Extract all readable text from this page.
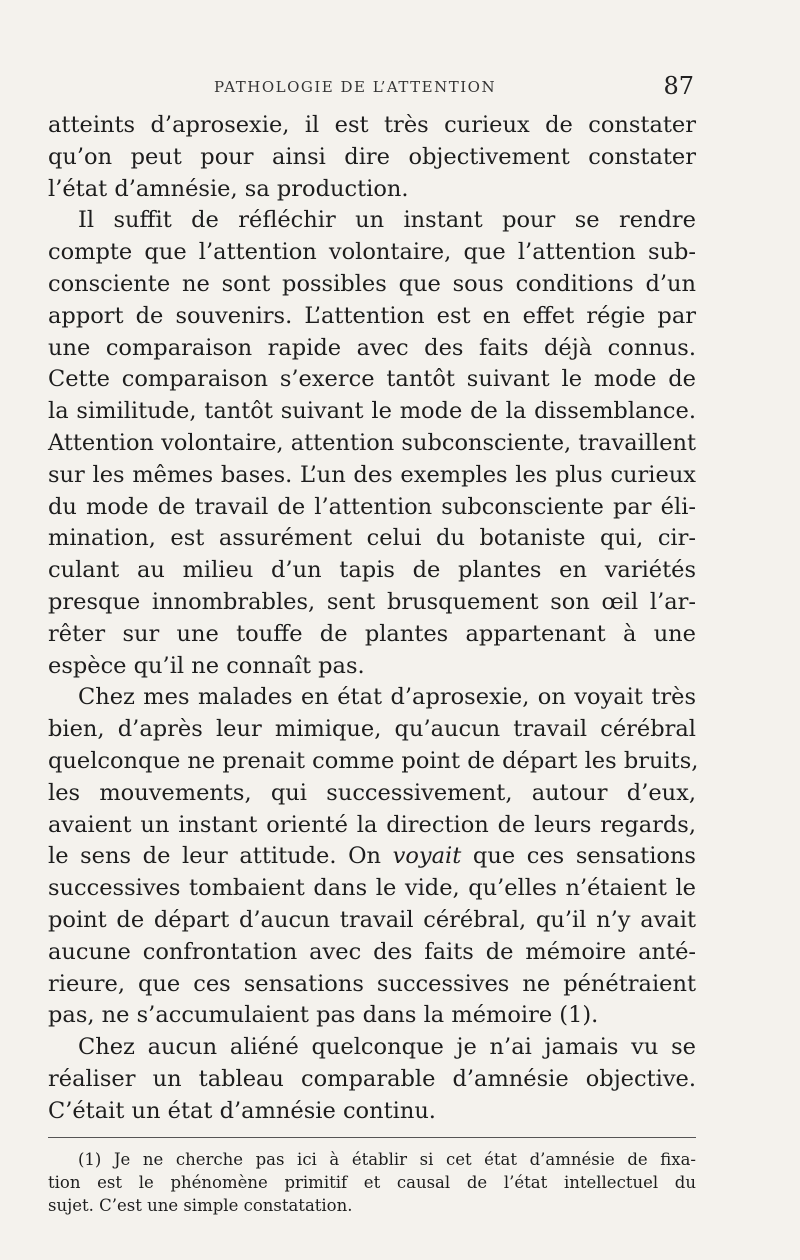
PATHOLOGIE DE L’ATTENTION	87
atteints d’aprosexie, il est très curieux de constater
qu’on peut pour ainsi dire objectivement constater
l’état d’amnésie, sa production.
Il suffit de réfléchir un instant pour se rendre
compte que l’attention volontaire, que l’attention sub-
consciente ne sont possibles que sous conditions d’un
apport de souvenirs. L’attention est en effet régie par
une comparaison rapide avec des faits déjà connus.
Cette comparaison s’exerce tantôt suivant le mode de
la similitude, tantôt suivant le mode de la dissemblance.
Attention volontaire, attention subconsciente, travaillent
sur les mêmes bases. L’un des exemples les plus curieux
du mode de travail de l’attention subconsciente par éli-
mination, est assurément celui du botaniste qui, cir-
culant au milieu d’un tapis de plantes en variétés
presque innombrables, sent brusquement son œil l’ar-
rêter sur une touffe de plantes appartenant à une
espèce qu’il ne connaît pas.
Chez mes malades en état d’aprosexie, on voyait très
bien, d’après leur mimique, qu’aucun travail cérébral
quelconque ne prenait comme point de départ les bruits,
les mouvements, qui successivement, autour d’eux,
avaient un instant orienté la direction de leurs regards,
le sens de leur attitude. On voyait que ces sensations
successives tombaient dans le vide, qu’elles n’étaient le
point de départ d’aucun travail cérébral, qu’il n’y avait
aucune confrontation avec des faits de mémoire anté-
rieure, que ces sensations successives ne pénétraient
pas, ne s’accumulaient pas dans la mémoire (1).
Chez aucun aliéné quelconque je n’ai jamais vu se
réaliser un tableau comparable d’amnésie objective.
C’était un état d’amnésie continu.
(1) Je ne cherche pas ici à établir si cet état d’amnésie de fixa-
tion est le phénomène primitif et causal de l’état intellectuel du
sujet. C’est une simple constatation.
